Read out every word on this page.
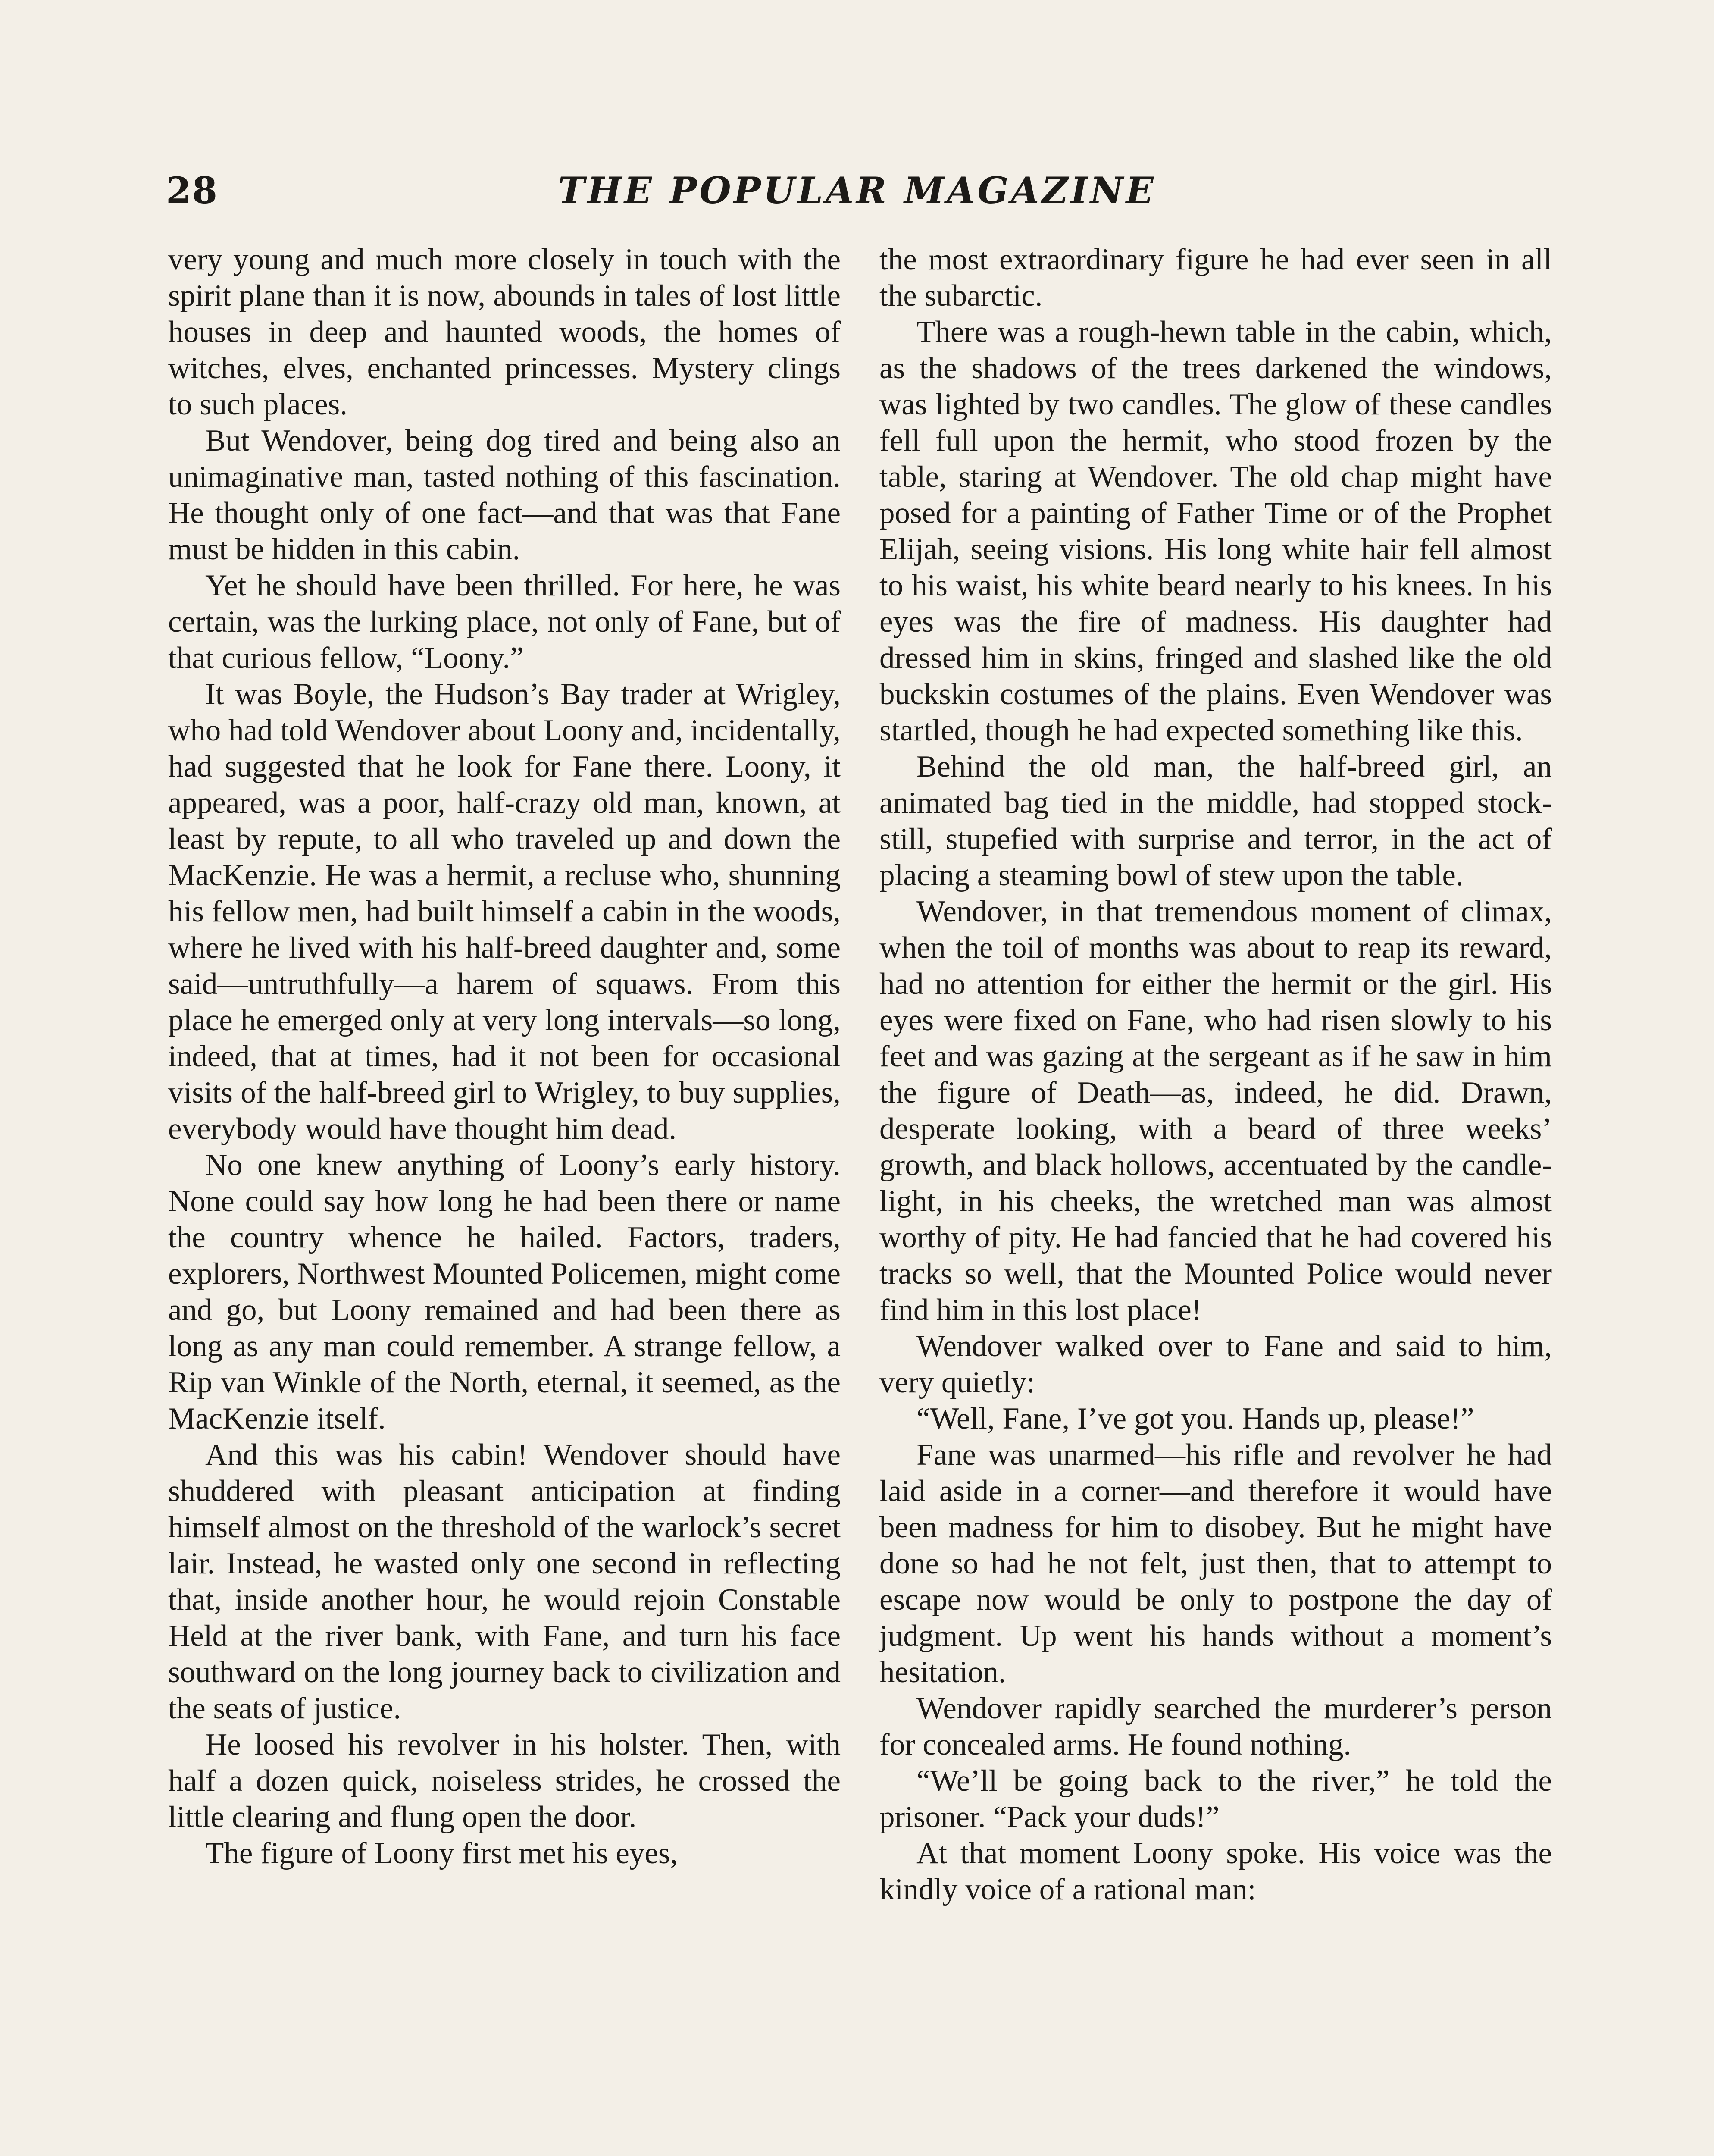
28	THE POPULAR MAGAZINE

very young and much more closely in touch with the spirit plane than it is now, abounds in tales of lost little houses in deep and haunted woods, the homes of witches, elves, enchanted princesses. Mystery clings to such places.

But Wendover, being dog tired and being also an unimaginative man, tasted nothing of this fascination. He thought only of one fact—and that was that Fane must be hidden in this cabin.

Yet he should have been thrilled. For here, he was certain, was the lurking place, not only of Fane, but of that curious fellow, “Loony.”

It was Boyle, the Hudson’s Bay trader at Wrigley, who had told Wendover about Loony and, incidentally, had suggested that he look for Fane there. Loony, it appeared, was a poor, half-crazy old man, known, at least by repute, to all who traveled up and down the MacKenzie. He was a hermit, a recluse who, shunning his fellow men, had built himself a cabin in the woods, where he lived with his half-breed daughter and, some said—untruthfully—a harem of squaws. From this place he emerged only at very long intervals—so long, indeed, that at times, had it not been for occasional visits of the half-breed girl to Wrigley, to buy supplies, everybody would have thought him dead.

No one knew anything of Loony’s early history. None could say how long he had been there or name the country whence he hailed. Factors, traders, explorers, Northwest Mounted Policemen, might come and go, but Loony remained and had been there as long as any man could remember. A strange fellow, a Rip van Winkle of the North, eternal, it seemed, as the MacKenzie itself.

And this was his cabin! Wendover should have shuddered with pleasant anticipation at finding himself almost on the threshold of the warlock’s secret lair. Instead, he wasted only one second in reflecting that, inside another hour, he would rejoin Constable Held at the river bank, with Fane, and turn his face southward on the long journey back to civilization and the seats of justice.

He loosed his revolver in his holster. Then, with half a dozen quick, noiseless strides, he crossed the little clearing and flung open the door.

The figure of Loony first met his eyes,

the most extraordinary figure he had ever seen in all the subarctic.

There was a rough-hewn table in the cabin, which, as the shadows of the trees darkened the windows, was lighted by two candles. The glow of these candles fell full upon the hermit, who stood frozen by the table, staring at Wendover. The old chap might have posed for a painting of Father Time or of the Prophet Elijah, seeing visions. His long white hair fell almost to his waist, his white beard nearly to his knees. In his eyes was the fire of madness. His daughter had dressed him in skins, fringed and slashed like the old buckskin costumes of the plains. Even Wendover was startled, though he had expected something like this.

Behind the old man, the half-breed girl, an animated bag tied in the middle, had stopped stock-still, stupefied with surprise and terror, in the act of placing a steaming bowl of stew upon the table.

Wendover, in that tremendous moment of climax, when the toil of months was about to reap its reward, had no attention for either the hermit or the girl. His eyes were fixed on Fane, who had risen slowly to his feet and was gazing at the sergeant as if he saw in him the figure of Death—as, indeed, he did. Drawn, desperate looking, with a beard of three weeks’ growth, and black hollows, accentuated by the candlelight, in his cheeks, the wretched man was almost worthy of pity. He had fancied that he had covered his tracks so well, that the Mounted Police would never find him in this lost place!

Wendover walked over to Fane and said to him, very quietly:

“Well, Fane, I’ve got you. Hands up, please!”

Fane was unarmed—his rifle and revolver he had laid aside in a corner—and therefore it would have been madness for him to disobey. But he might have done so had he not felt, just then, that to attempt to escape now would be only to postpone the day of judgment. Up went his hands without a moment’s hesitation.

Wendover rapidly searched the murderer’s person for concealed arms. He found nothing.

“We’ll be going back to the river,” he told the prisoner. “Pack your duds!”

At that moment Loony spoke. His voice was the kindly voice of a rational man:
